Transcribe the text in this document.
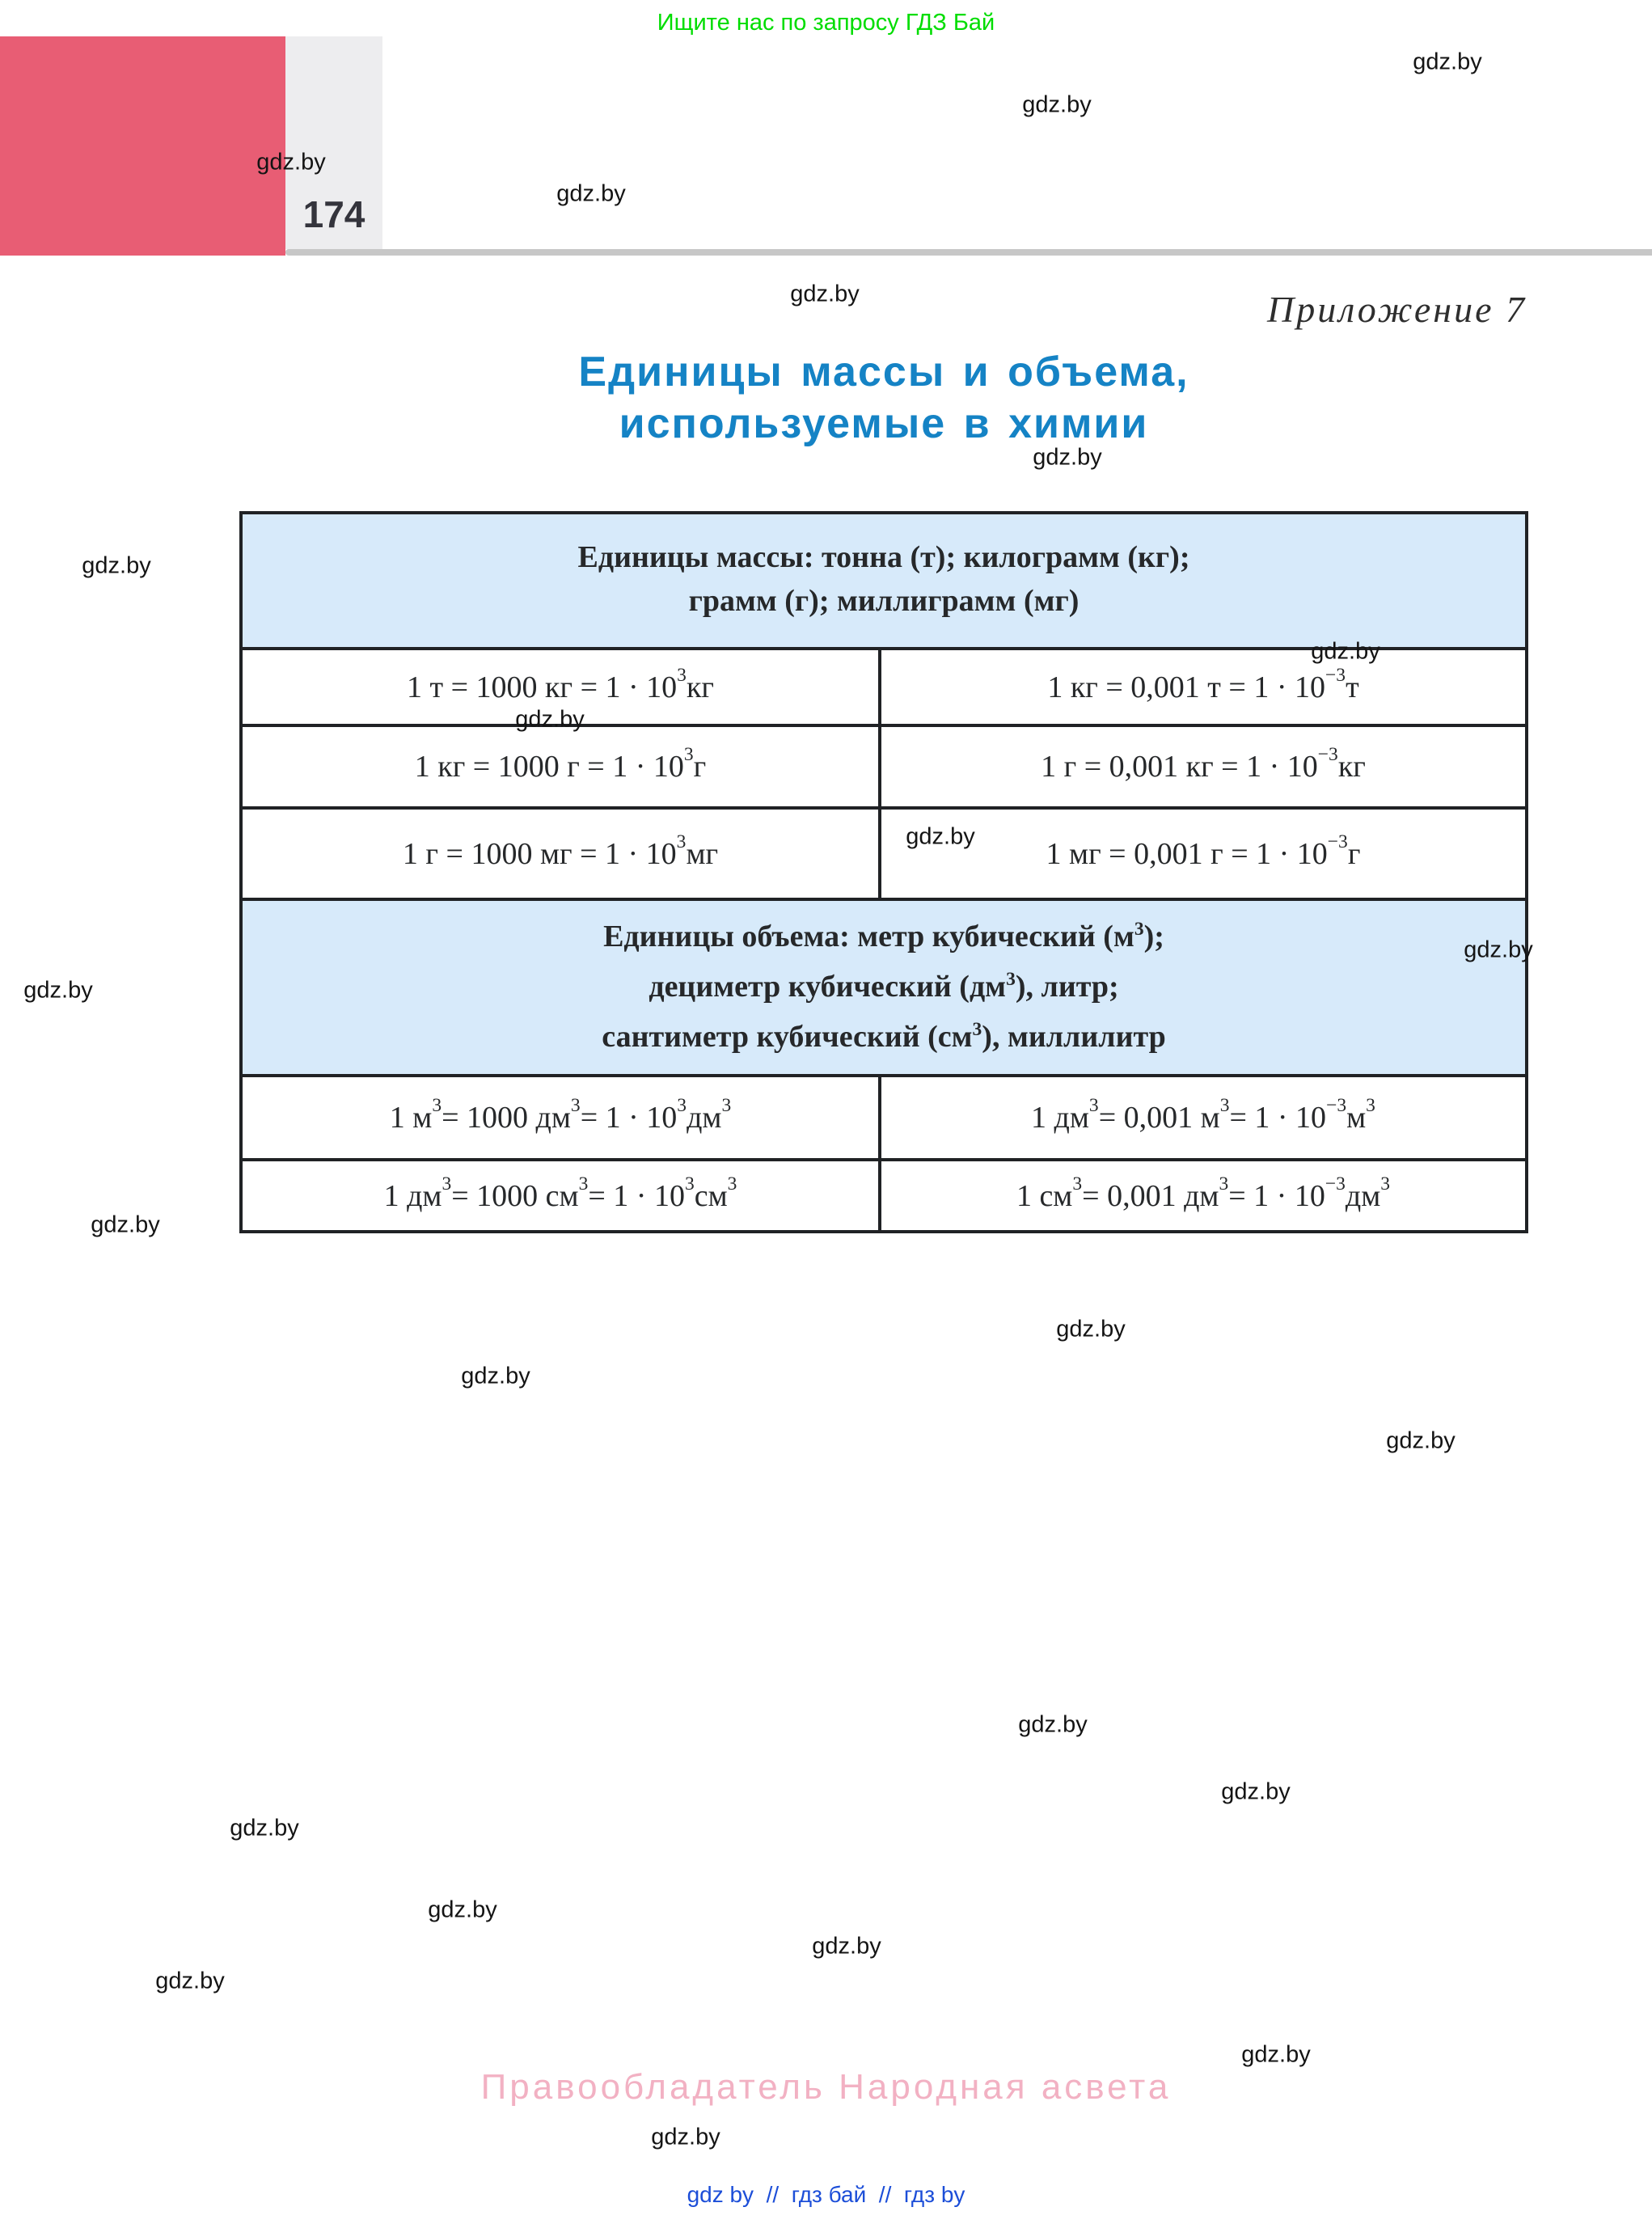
Ищите нас по запросу ГДЗ Бай
174
Приложение 7
Единицы массы и объема,
используемые в химии
Единицы массы: тонна (т); килограмм (кг);
грамм (г); миллиграмм (мг)
1 т = 1000 кг = $1 \cdot 10^3$ кг	1 кг = 0,001 $т = 1 \cdot 10^{-3}$ т
1 кг = 1000 $г = 1 \cdot 10^3$ г	1 г = 0,001 кг = $1 \cdot 10^{-3}$ кг
1 г = 1000 мг = $1 \cdot 10^3$ мг	1 мг = 0,001 $г = 1 \cdot 10^{-3}$ г
Единицы объема: метр кубический $(м^3)$;
дециметр кубический $(дм^3)$, литр;
сантиметр кубический $(см^3)$, миллилитр
1 $м^3 = 1000$ $дм^3 = 1 \cdot 10^3$ $дм^3$	1 $дм^3 = 0,001$ $м^3 = 1 \cdot 10^{-3}$ $м^3$
1 $дм^3 = 1000$ $см^3 = 1 \cdot 10^3$ $см^3$	1 $см^3 = 0,001$ $дм^3 = 1 \cdot 10^{-3}$ $дм^3$
gdz.by
gdz.by
gdz.by
gdz.by
gdz.by
gdz.by
gdz.by
gdz.by
gdz.by
gdz.by
gdz.by
gdz.by
gdz.by
gdz.by
gdz.by
gdz.by
gdz.by
gdz.by
gdz.by
gdz.by
gdz.by
gdz.by
gdz.by
gdz.by
Правообладатель Народная асвета
gdz by  //  гдз бай  //  гдз by
